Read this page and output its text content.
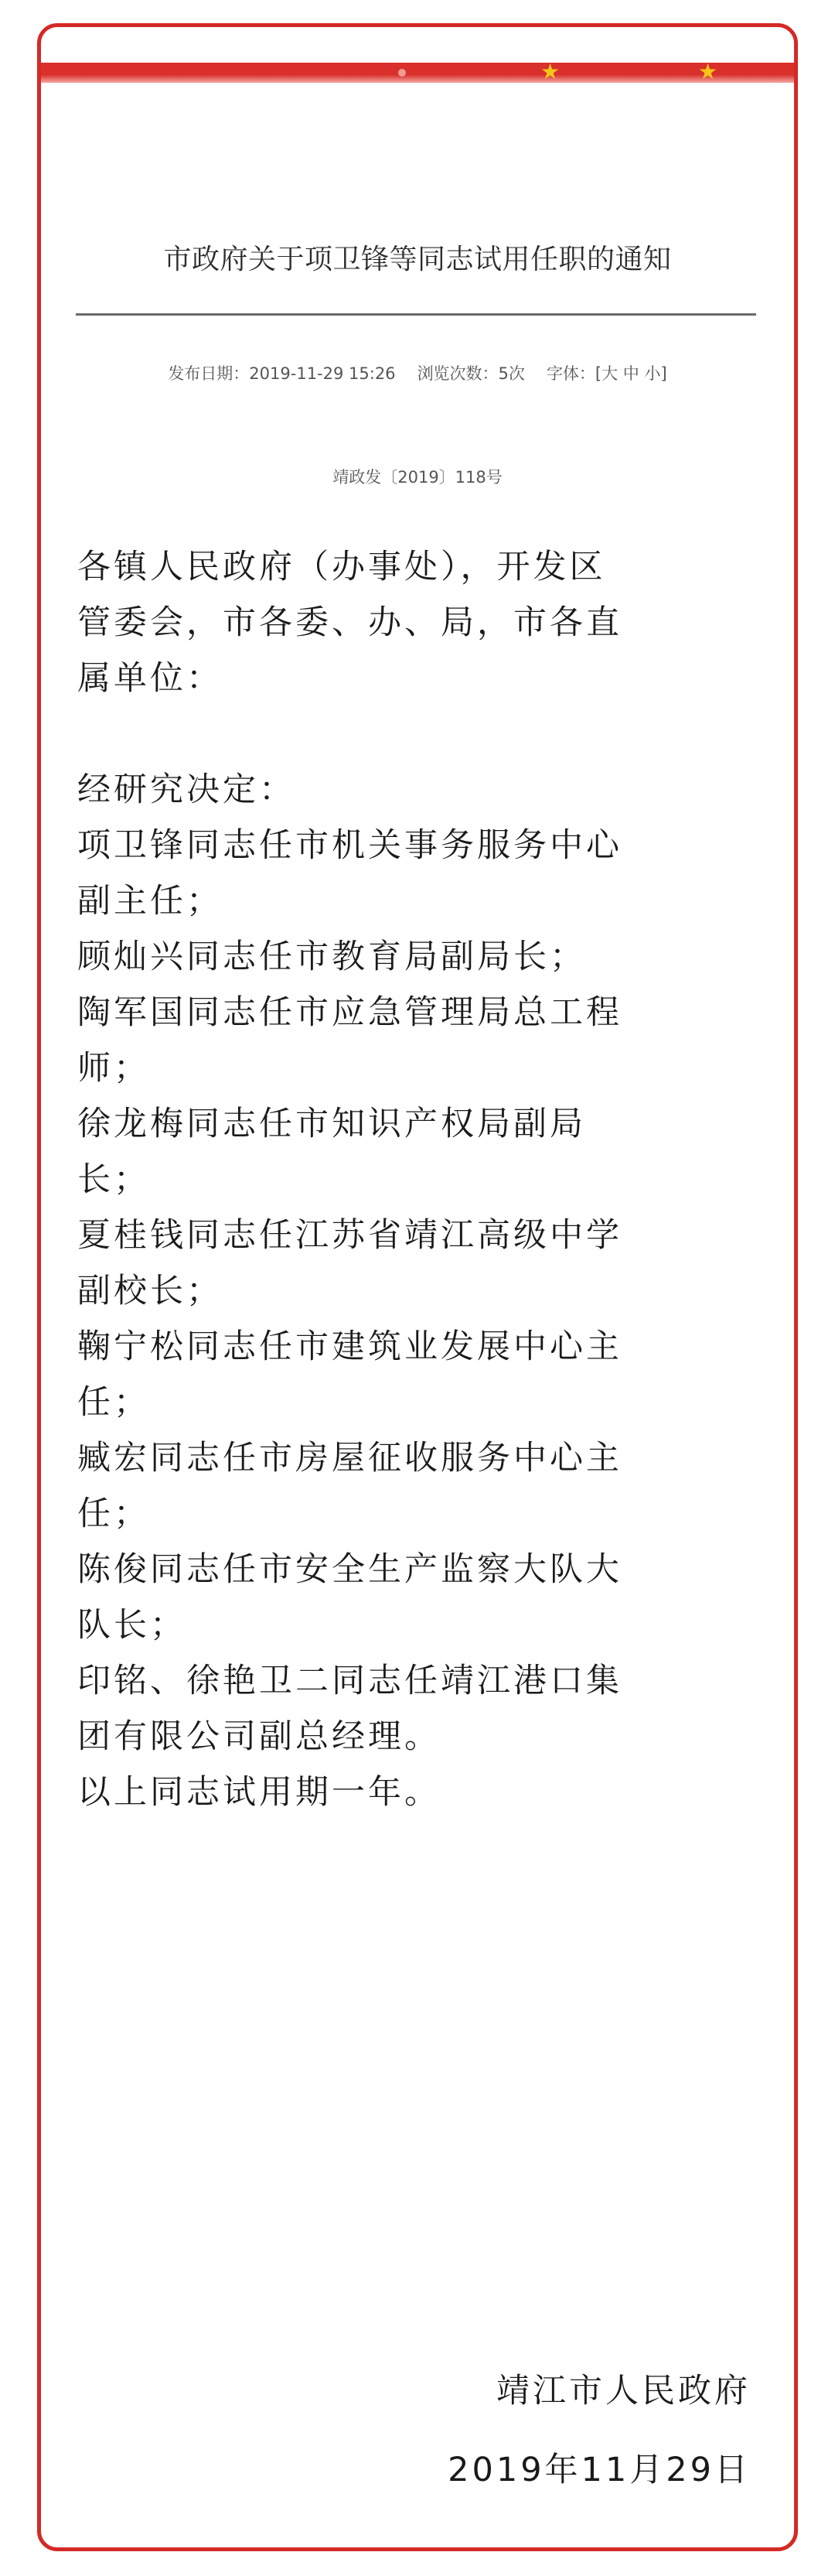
★	★
市政府关于项卫锋等同志试用任职的通知
发布日期：2019-11-29 15:26 浏览次数：5次 字体：[大 中 小]
靖政发〔2019〕118号

各镇人民政府（办事处），开发区

管委会，市各委、办、局，市各直

属单位：

经研究决定：

项卫锋同志任市机关事务服务中心

副主任；

顾灿兴同志任市教育局副局长；

陶军国同志任市应急管理局总工程

师；

徐龙梅同志任市知识产权局副局

长；

夏桂钱同志任江苏省靖江高级中学

副校长；

鞠宁松同志任市建筑业发展中心主

任；

臧宏同志任市房屋征收服务中心主

任；

陈俊同志任市安全生产监察大队大

队长；

印铭、徐艳卫二同志任靖江港口集

团有限公司副总经理。

以上同志试用期一年。

靖江市人民政府
2019年11月29日
